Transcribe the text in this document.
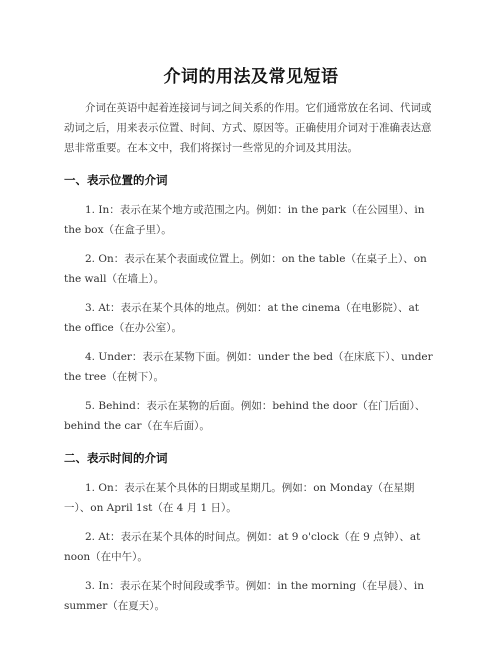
介词的用法及常见短语

介词在英语中起着连接词与词之间关系的作用。它们通常放在名词、代词或动词之后，用来表示位置、时间、方式、原因等。正确使用介词对于准确表达意思非常重要。在本文中，我们将探讨一些常见的介词及其用法。

一、表示位置的介词

1. In：表示在某个地方或范围之内。例如：in the park（在公园里）、in the box（在盒子里）。

2. On：表示在某个表面或位置上。例如：on the table（在桌子上）、on the wall（在墙上）。

3. At：表示在某个具体的地点。例如：at the cinema（在电影院）、at the office（在办公室）。

4. Under：表示在某物下面。例如：under the bed（在床底下）、under the tree（在树下）。

5. Behind：表示在某物的后面。例如：behind the door（在门后面）、behind the car（在车后面）。

二、表示时间的介词

1. On：表示在某个具体的日期或星期几。例如：on Monday（在星期一）、on April 1st（在 4 月 1 日）。

2. At：表示在某个具体的时间点。例如：at 9 o'clock（在 9 点钟）、at noon（在中午）。

3. In：表示在某个时间段或季节。例如：in the morning（在早晨）、in summer（在夏天）。
